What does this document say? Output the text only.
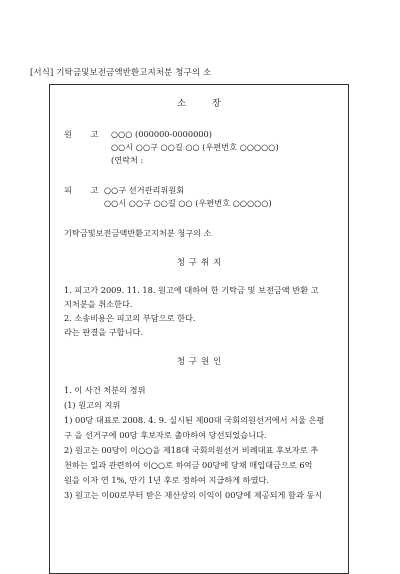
[서식] 기탁금및보전금액반환고지처분 청구의 소
소장
원 고 ○○○ (000000-0000000)
○○시 ○○구 ○○길 ○○ (우편번호 ○○○○○)
(연락처 :
피 고
○○구 선거관리위원회
○○시 ○○구 ○○길 ○○ (우편번호 ○○○○○)
기탁금및보전금액반환고지처분 청구의 소
청구취지
1. 피고가 2009. 11. 18. 원고에 대하여 한 기탁금 및 보전금액 반환 고
지처분을 취소한다.
2. 소송비용은 피고의 부담으로 한다.
라는 판결을 구합니다.
청구원인
1. 이 사건 처분의 경위
(1) 원고의 지위
1) 00당 대표로 2008. 4. 9. 실시된 제00대 국회의원선거에서 서울 은평
구 을 선거구에 00당 후보자로 출마하여 당선되었습니다.
2) 원고는 00당이 이○○을 제18대 국회의원선거 비례대표 후보자로 추
천하는 일과 관련하여 이○○로 하여금 00당에 당채 매입대금으로 6억
원을 이자 연 1%, 만기 1년 후로 정하여 지급하게 하였다.
3) 원고는 이00로부터 받은 재산상의 이익이 00당에 제공되게 함과 동시
